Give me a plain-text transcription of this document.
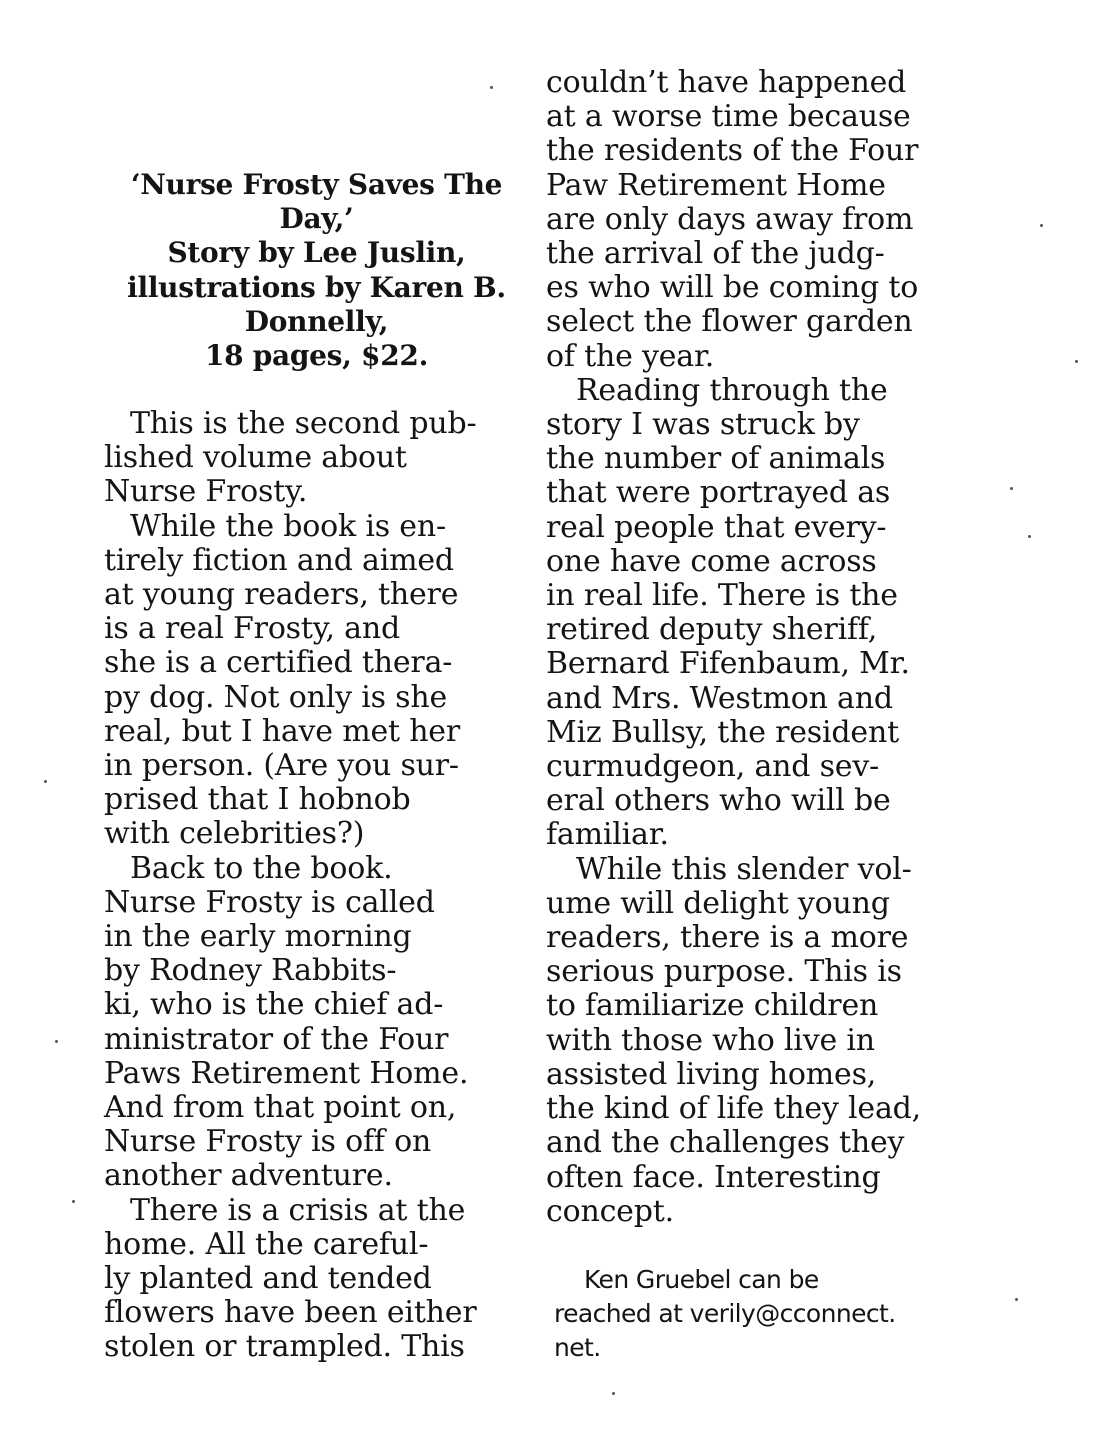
‘Nurse Frosty Saves The
Day,’
Story by Lee Juslin,
illustrations by Karen B.
Donnelly,
18 pages, $22.
This is the second pub-
lished volume about
Nurse Frosty.
While the book is en-
tirely fiction and aimed
at young readers, there
is a real Frosty, and
she is a certified thera-
py dog. Not only is she
real, but I have met her
in person. (Are you sur-
prised that I hobnob
with celebrities?)
Back to the book.
Nurse Frosty is called
in the early morning
by Rodney Rabbits-
ki, who is the chief ad-
ministrator of the Four
Paws Retirement Home.
And from that point on,
Nurse Frosty is off on
another adventure.
There is a crisis at the
home. All the careful-
ly planted and tended
flowers have been either
stolen or trampled. This
couldn’t have happened
at a worse time because
the residents of the Four
Paw Retirement Home
are only days away from
the arrival of the judg-
es who will be coming to
select the flower garden
of the year.
Reading through the
story I was struck by
the number of animals
that were portrayed as
real people that every-
one have come across
in real life. There is the
retired deputy sheriff,
Bernard Fifenbaum, Mr.
and Mrs. Westmon and
Miz Bullsy, the resident
curmudgeon, and sev-
eral others who will be
familiar.
While this slender vol-
ume will delight young
readers, there is a more
serious purpose. This is
to familiarize children
with those who live in
assisted living homes,
the kind of life they lead,
and the challenges they
often face. Interesting
concept.
Ken Gruebel can be
reached at verily@cconnect.
net.
